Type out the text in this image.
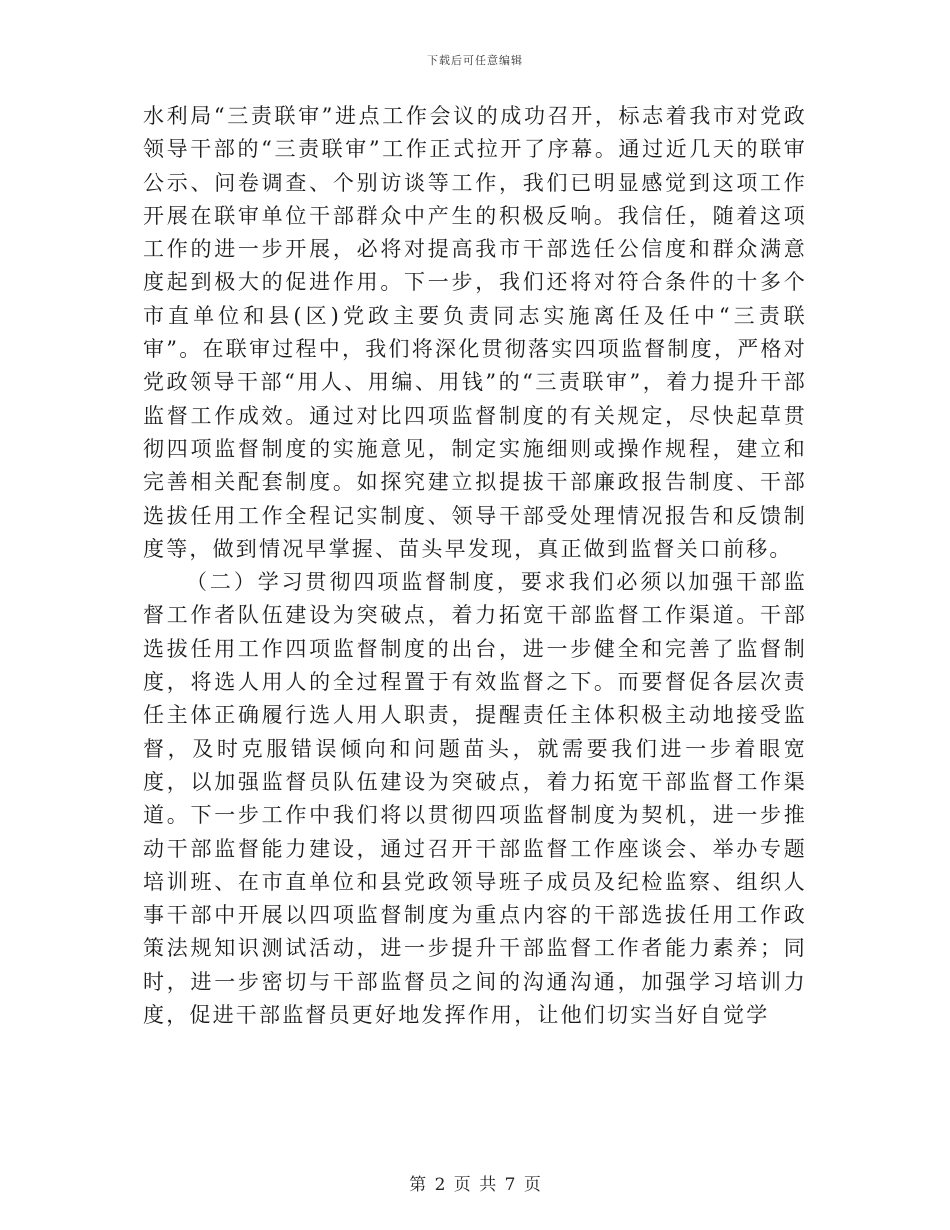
下载后可任意编辑

水利局“三责联审”进点工作会议的成功召开，标志着我市对党政领导干部的“三责联审”工作正式拉开了序幕。通过近几天的联审公示、问卷调查、个别访谈等工作，我们已明显感觉到这项工作开展在联审单位干部群众中产生的积极反响。我信任，随着这项工作的进一步开展，必将对提高我市干部选任公信度和群众满意度起到极大的促进作用。下一步，我们还将对符合条件的十多个市直单位和县(区)党政主要负责同志实施离任及任中“三责联审”。在联审过程中，我们将深化贯彻落实四项监督制度，严格对党政领导干部“用人、用编、用钱”的“三责联审”，着力提升干部监督工作成效。通过对比四项监督制度的有关规定，尽快起草贯彻四项监督制度的实施意见，制定实施细则或操作规程，建立和完善相关配套制度。如探究建立拟提拔干部廉政报告制度、干部选拔任用工作全程记实制度、领导干部受处理情况报告和反馈制度等，做到情况早掌握、苗头早发现，真正做到监督关口前移。

（二）学习贯彻四项监督制度，要求我们必须以加强干部监督工作者队伍建设为突破点，着力拓宽干部监督工作渠道。干部选拔任用工作四项监督制度的出台，进一步健全和完善了监督制度，将选人用人的全过程置于有效监督之下。而要督促各层次责任主体正确履行选人用人职责，提醒责任主体积极主动地接受监督，及时克服错误倾向和问题苗头，就需要我们进一步着眼宽度，以加强监督员队伍建设为突破点，着力拓宽干部监督工作渠道。下一步工作中我们将以贯彻四项监督制度为契机，进一步推动干部监督能力建设，通过召开干部监督工作座谈会、举办专题培训班、在市直单位和县党政领导班子成员及纪检监察、组织人事干部中开展以四项监督制度为重点内容的干部选拔任用工作政策法规知识测试活动，进一步提升干部监督工作者能力素养；同时，进一步密切与干部监督员之间的沟通沟通，加强学习培训力度，促进干部监督员更好地发挥作用，让他们切实当好自觉学

第 2 页 共 7 页
